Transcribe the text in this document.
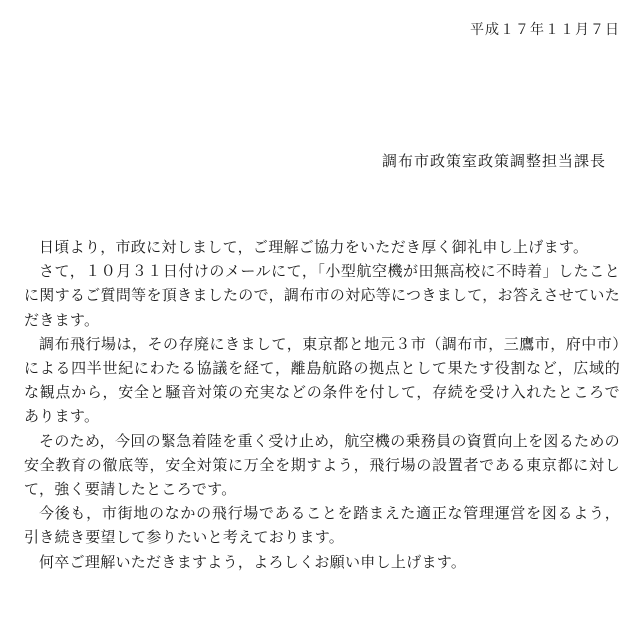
平成１７年１１月７日
調布市政策室政策調整担当課長

日頃より，市政に対しまして，ご理解ご協力をいただき厚く御礼申し上げます。

さて，１０月３１日付けのメールにて，「小型航空機が田無高校に不時着」したことに関するご質問等を頂きましたので，調布市の対応等につきまして，お答えさせていただきます。

調布飛行場は，その存廃にきまして，東京都と地元３市（調布市，三鷹市，府中市）による四半世紀にわたる協議を経て，離島航路の拠点として果たす役割など，広域的な観点から，安全と騒音対策の充実などの条件を付して，存続を受け入れたところであります。

そのため，今回の緊急着陸を重く受け止め，航空機の乗務員の資質向上を図るための安全教育の徹底等，安全対策に万全を期すよう，飛行場の設置者である東京都に対して，強く要請したところです。

今後も，市街地のなかの飛行場であることを踏まえた適正な管理運営を図るよう，引き続き要望して参りたいと考えております。

何卒ご理解いただきますよう，よろしくお願い申し上げます。
